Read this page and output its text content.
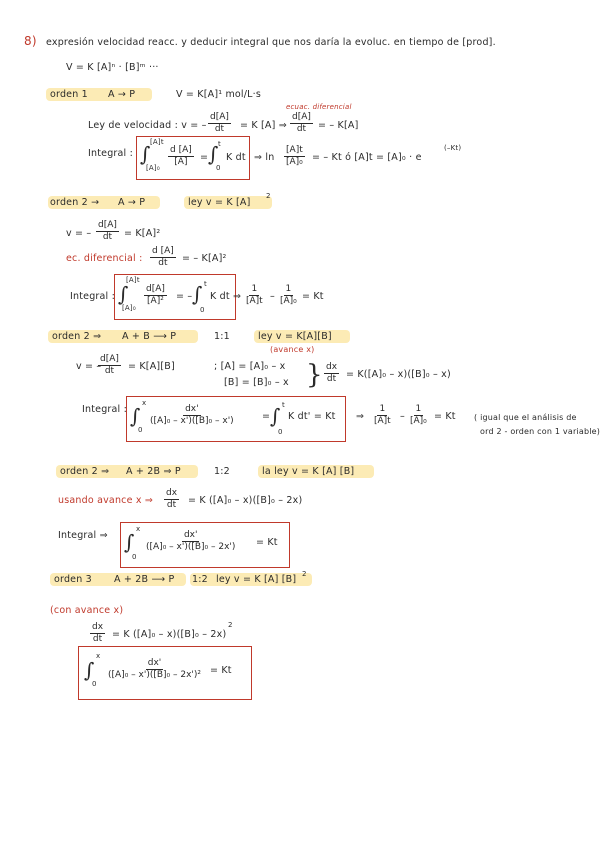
8) expresión velocidad reacc. y deducir integral que nos daría la evoluc. en tiempo de [prod].
V = K [A]ⁿ · [B]ᵐ ···
orden 1 A → P	V = K[A]¹ mol/L·s
ecuac. diferencial
Ley de velocidad : v = – $\frac{d[A]}{dt} = K$ [A] ⇒ $\frac{d[A]}{dt}$ = – K[A]
Integral : ∫ [A]t
$[A]_0 \frac{d [A]}{[A]}$ = ∫ t
0
K dt ⇒ $\ln \frac{[A]t}{\text{[A]₀}}$ = – Kt ó [A]t = [A]₀ · e
(–Kt)
orden 2 → A → P	ley v = K [A]
2
v = – $\frac{d[A]}{dt} = K[A]^2$
ec. diferencial : $\frac{d [A]}{dt}$ = – K[A]²
Integral : ∫
[A]t
[A]₀
$\frac{d[A]}{\text{[A]²}}$ = – ∫ t
0
K dt ⇒ $\frac{1}{[A]t} - \frac{1}{\text{[A]₀}} = Kt$
orden 2 ⇒ A + B ⟶ P	1:1	ley v = K[A][B]
(avance x)
v = –
$\frac{d[A]}{dt} = K[A][B]$	; [A] = [A]₀ – x
[B] = [B]₀ – x } $\frac{dx}{dt} = K([A]_0 - x)([B]_0 - x)$
Integral : ∫
x
0
$\frac{dx'}{\text{([A]₀ – x')([B]₀ – x')}}$	= ∫ t
0
K dt' = Kt ⇒ $\frac{1}{[A]t} - \frac{1}{\text{[A]₀}} = Kt$ ( igual que el análisis de
ord 2 - orden con 1 variable)
orden 2 ⇒ A + 2B ⇒ P	1:2	la ley v = K [A] [B]
usando avance x ⇒ $\frac{dx}{dt} = K$ ([A]₀ – x)([B]₀ – 2x)
Integral ⇒ ∫
x
0
$\frac{dx'}{\text{([A]₀ – x')([B]₀ – 2x')}} = Kt$
orden 3 A + 2B ⟶ P 1:2 ley v = K [A] [B] 2
(con avance x)
$\frac{dx}{dt} = K$ ([A]₀ – x)([B]₀ – 2x)
2
∫
x
0
$\frac{dx'}{\text{([A]₀ – x')([B]₀ – 2x')²}} = Kt$
